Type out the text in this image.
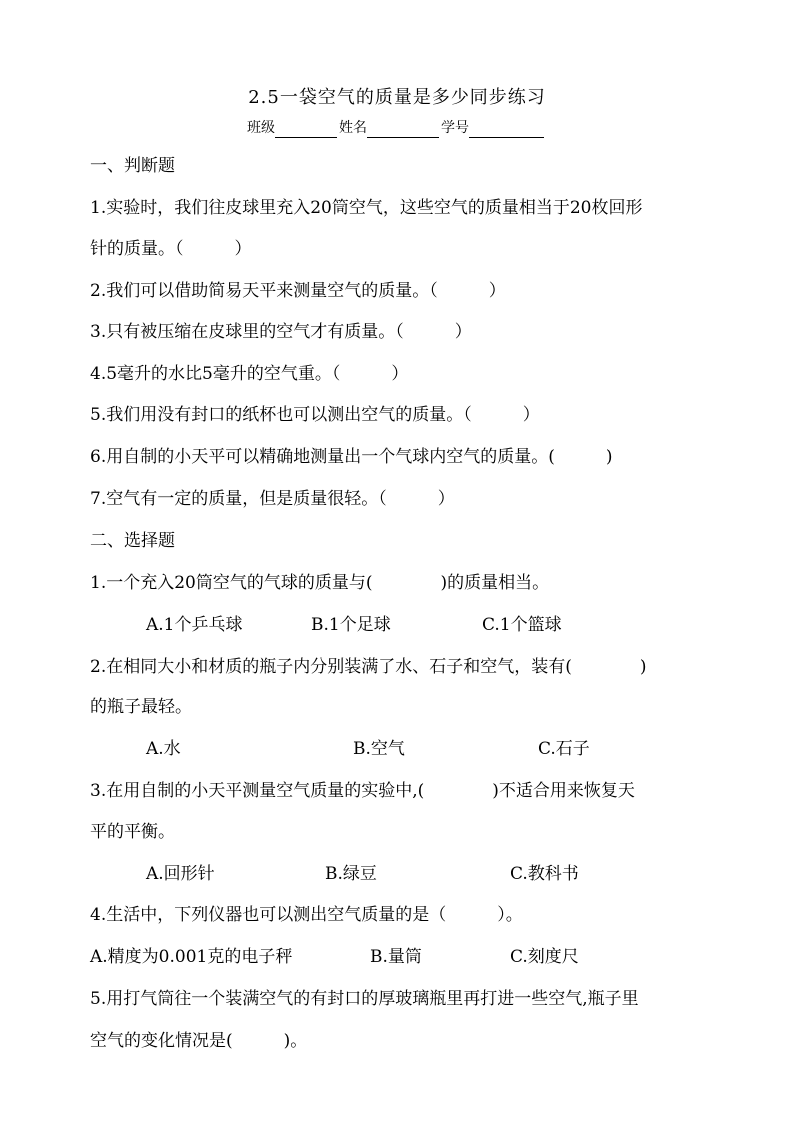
2.5一袋空气的质量是多少同步练习
班级	姓名	学号
一、判断题
1.实验时，我们往皮球里充入20筒空气，这些空气的质量相当于20枚回形
针的质量。（　　　）
2.我们可以借助简易天平来测量空气的质量。（　　　）
3.只有被压缩在皮球里的空气才有质量。（　　　）
4.5毫升的水比5毫升的空气重。（　　　）
5.我们用没有封口的纸杯也可以测出空气的质量。（　　　）
6.用自制的小天平可以精确地测量出一个气球内空气的质量。(　　　)
7.空气有一定的质量，但是质量很轻。（　　　）
二、选择题
1.一个充入20筒空气的气球的质量与(　　　　)的质量相当。
A.1个乒乓球	B.1个足球	C.1个篮球
2.在相同大小和材质的瓶子内分别装满了水、石子和空气，装有(　　　　)
的瓶子最轻。
A.水	B.空气	C.石子
3.在用自制的小天平测量空气质量的实验中,(　　　　)不适合用来恢复天
平的平衡。
A.回形针	B.绿豆	C.教科书
4.生活中，下列仪器也可以测出空气质量的是（　　　）。
A.精度为0.001克的电子秤	B.量筒	C.刻度尺
5.用打气筒往一个装满空气的有封口的厚玻璃瓶里再打进一些空气,瓶子里
空气的变化情况是(　　　)。
